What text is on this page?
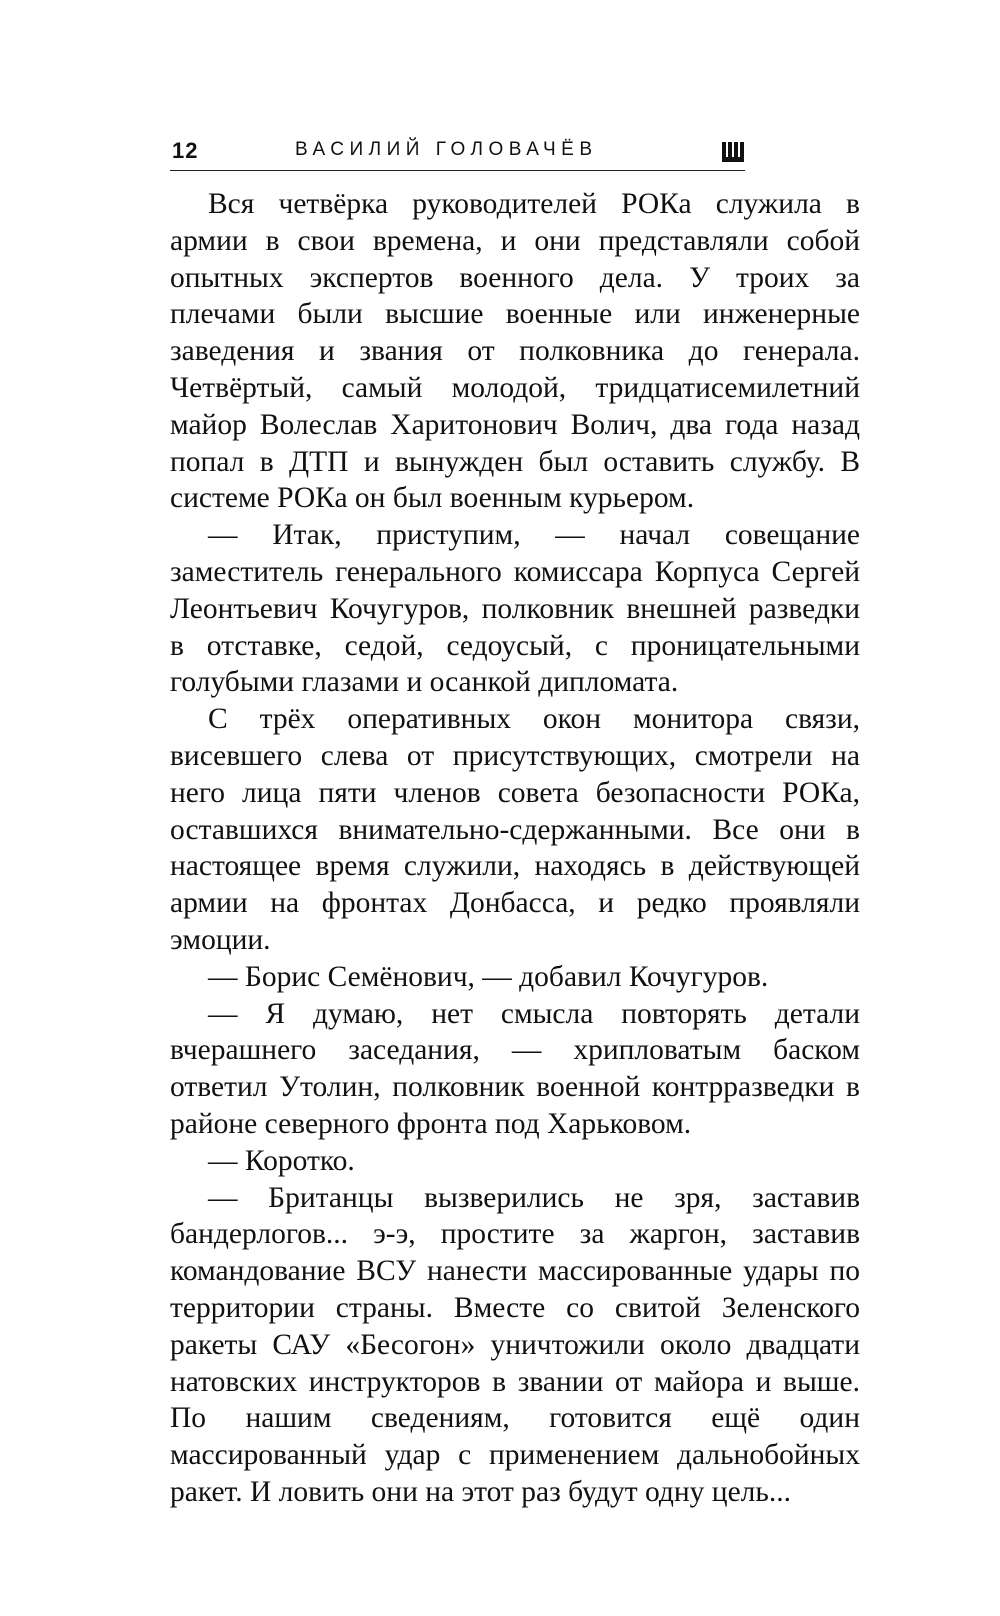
12	ВАСИЛИЙ ГОЛОВАЧЁВ

Вся четвёрка руководителей РОКа служила в армии в свои времена, и они представляли собой опытных экспертов военного дела. У троих за плечами были высшие военные или инженерные заведения и звания от полковника до генерала. Четвёртый, самый молодой, тридцатисемилетний майор Волеслав Харитонович Волич, два года назад попал в ДТП и вынужден был оставить службу. В системе РОКа он был военным курьером.

— Итак, приступим, — начал совещание заместитель генерального комиссара Корпуса Сергей Леонтьевич Кочугуров, полковник внешней разведки в отставке, седой, седоусый, с проницательными голубыми глазами и осанкой дипломата.

С трёх оперативных окон монитора связи, висевшего слева от присутствующих, смотрели на него лица пяти членов совета безопасности РОКа, оставшихся внимательно-сдержанными. Все они в настоящее время служили, находясь в действующей армии на фронтах Донбасса, и редко проявляли эмоции.

— Борис Семёнович, — добавил Кочугуров.

— Я думаю, нет смысла повторять детали вчерашнего заседания, — хрипловатым баском ответил Утолин, полковник военной контрразведки в районе северного фронта под Харьковом.

— Коротко.

— Британцы вызверились не зря, заставив бандерлогов... э-э, простите за жаргон, заставив командование ВСУ нанести массированные удары по территории страны. Вместе со свитой Зеленского ракеты САУ «Бесогон» уничтожили около двадцати натовских инструкторов в звании от майора и выше. По нашим сведениям, готовится ещё один массированный удар с применением дальнобойных ракет. И ловить они на этот раз будут одну цель...
